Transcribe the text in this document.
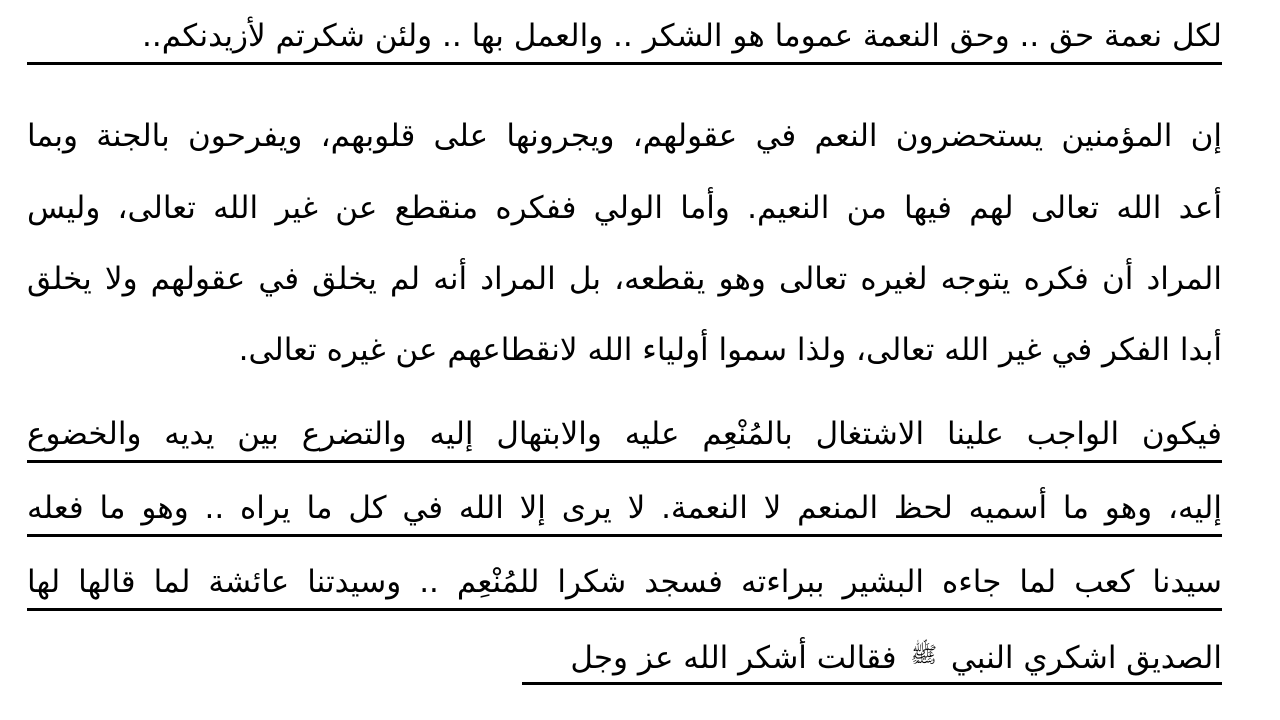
لكل نعمة حق .. وحق النعمة عموما هو الشكر .. والعمل بها .. ولئن شكرتم لأزيدنكم..
إن المؤمنين يستحضرون النعم في عقولهم، ويجرونها على قلوبهم، ويفرحون بالجنة وبما
أعد الله تعالى لهم فيها من النعيم. وأما الولي ففكره منقطع عن غير الله تعالى، وليس
المراد أن فكره يتوجه لغيره تعالى وهو يقطعه، بل المراد أنه لم يخلق في عقولهم ولا يخلق
أبدا الفكر في غير الله تعالى، ولذا سموا أولياء الله لانقطاعهم عن غيره تعالى.
فيكون الواجب علينا الاشتغال بالمُنْعِم عليه والابتهال إليه والتضرع بين يديه والخضوع
إليه، وهو ما أسميه لحظ المنعم لا النعمة. لا يرى إلا الله في كل ما يراه .. وهو ما فعله
سيدنا كعب لما جاءه البشير ببراءته فسجد شكرا للمُنْعِم .. وسيدتنا عائشة لما قالها لها
الصديق اشكري النبي ﷺ فقالت أشكر الله عز وجل
